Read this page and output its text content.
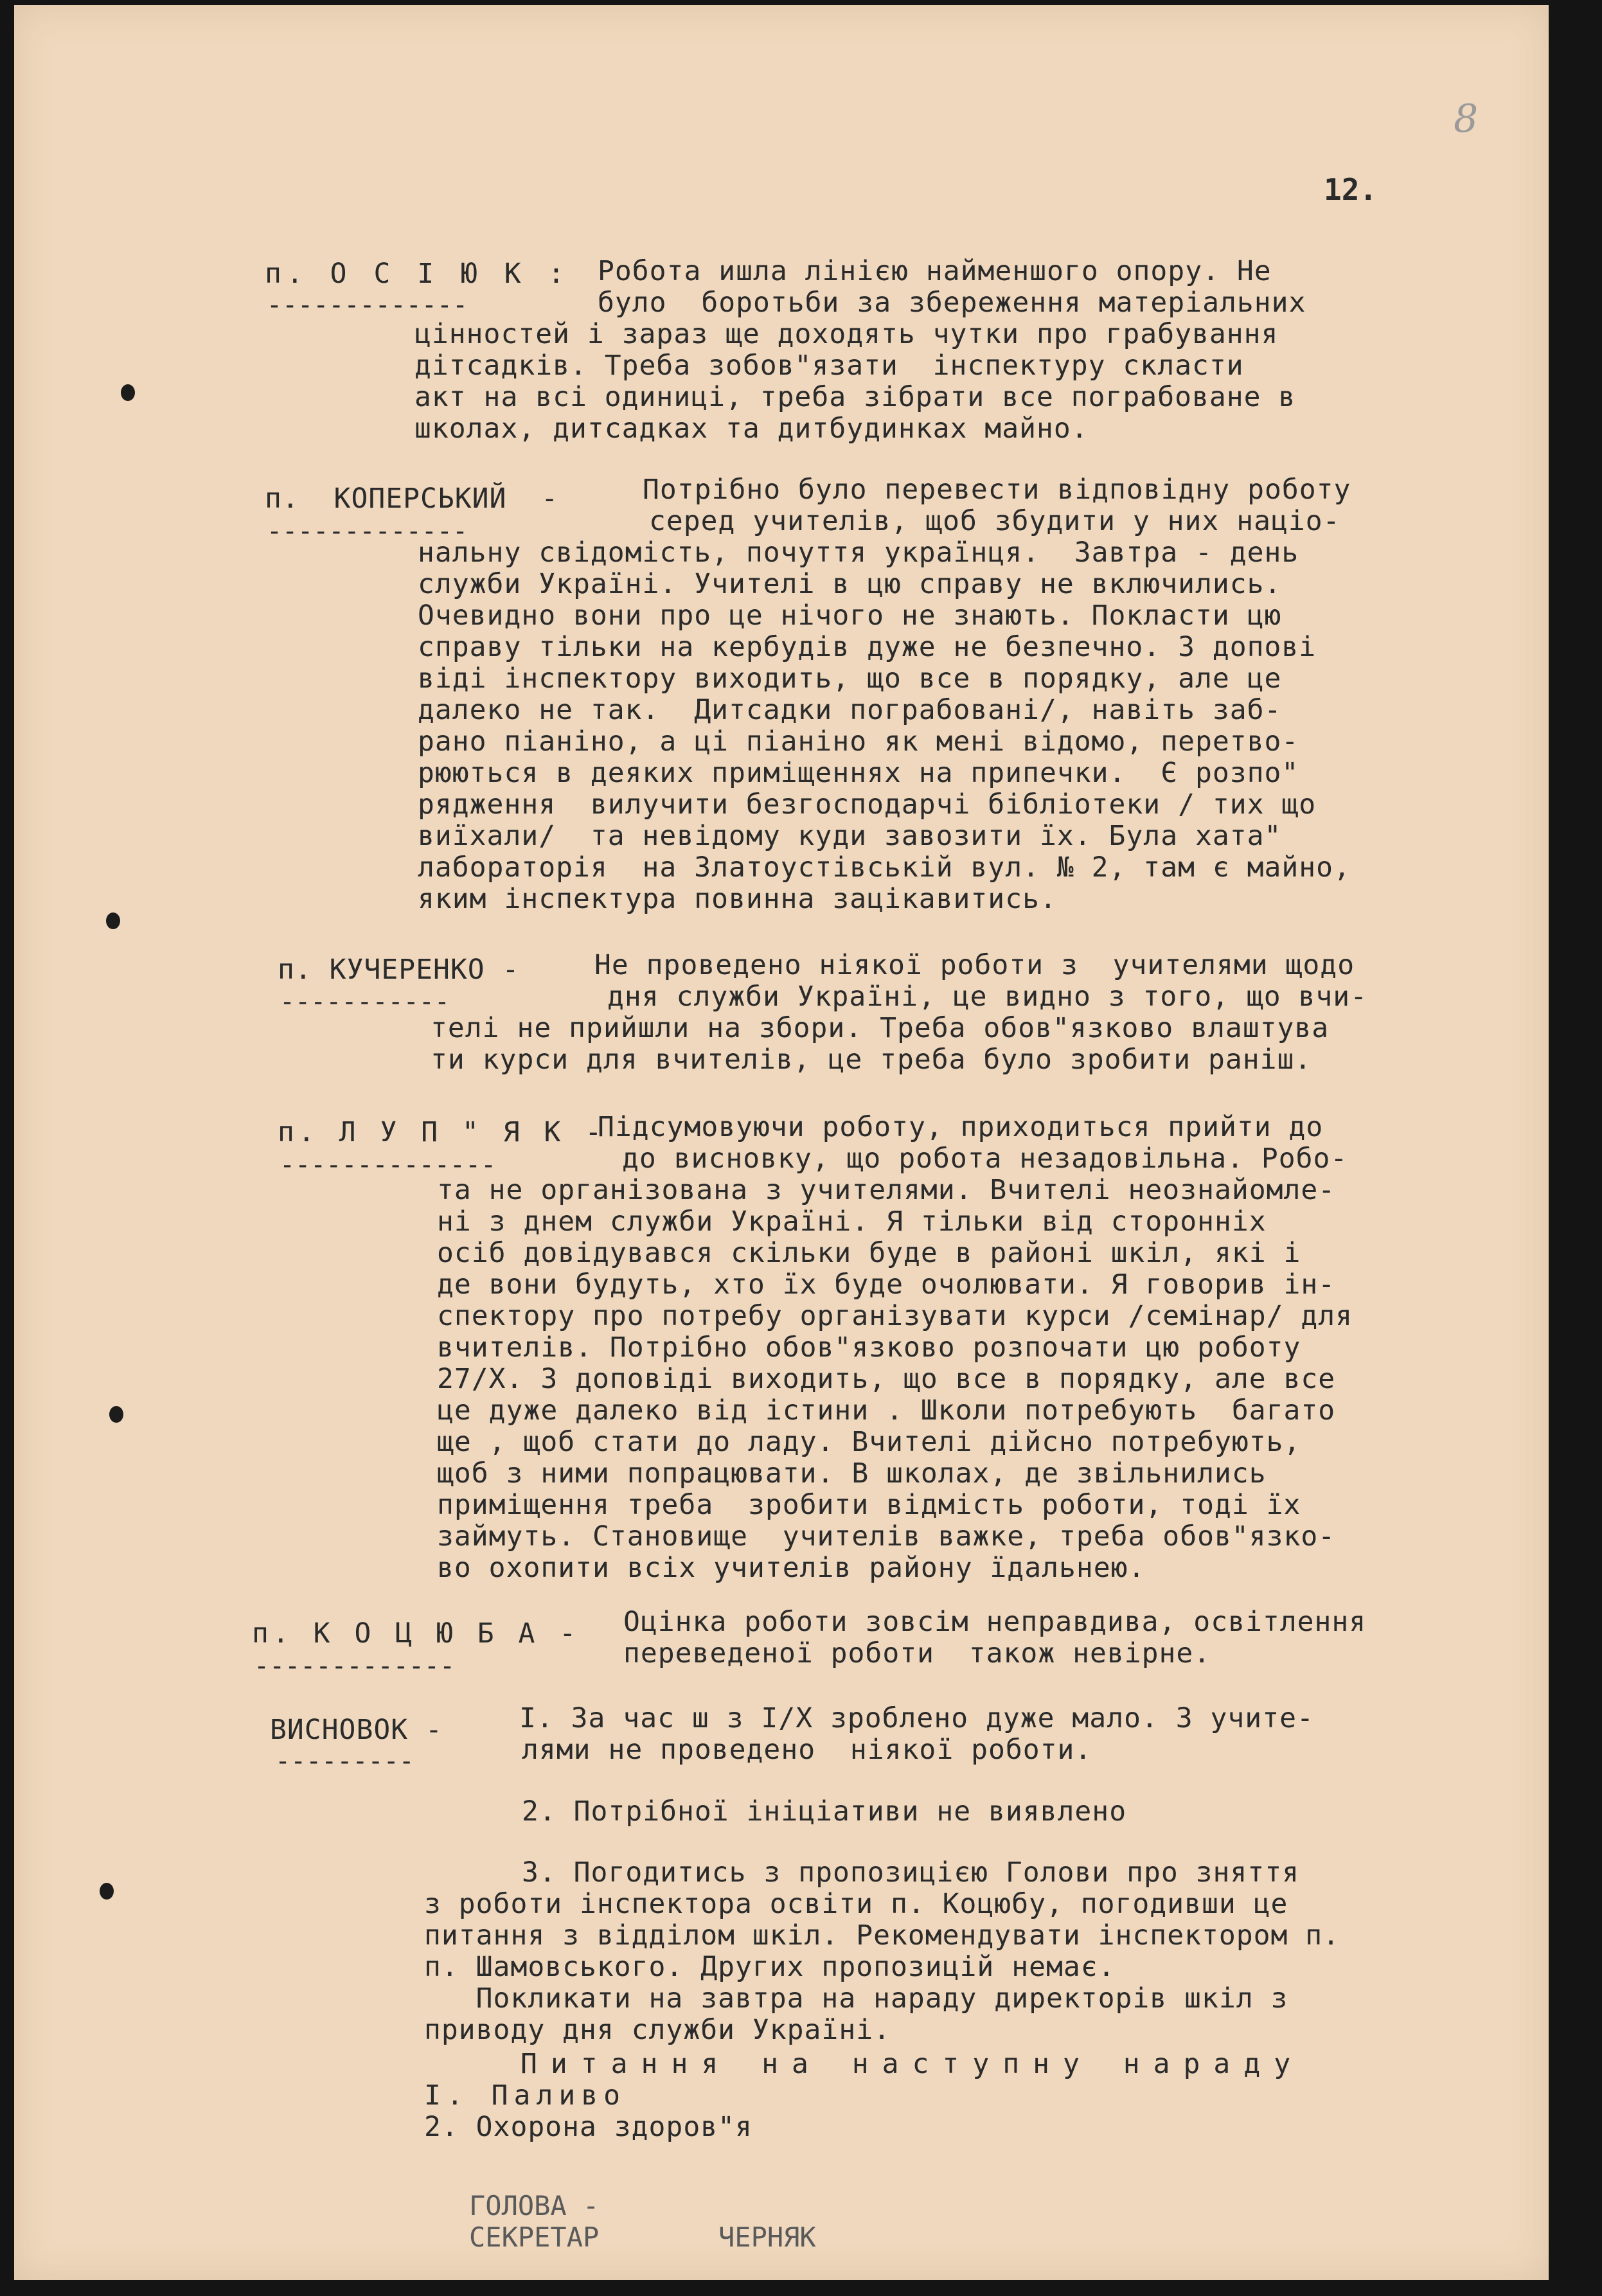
8
12.
п. О С І Ю К :
-------------
Робота ишла лінією найменшого опору. Не
було  боротьби за збереження матеріальних
цінностей і зараз ще доходять чутки про грабування
дітсадків. Треба зобов"язати  інспектуру скласти
акт на всі одиниці, треба зібрати все пограбоване в
школах, дитсадках та дитбудинках майно.
п.  КОПЕРСЬКИЙ  -
-------------
Потрібно було перевести відповідну роботу
серед учителів, щоб збудити у них націо-
нальну свідомість, почуття українця.  Завтра - день
служби Україні. Учителі в цю справу не включились.
Очевидно вони про це нічого не знають. Покласти цю
справу тільки на кербудів дуже не безпечно. З допові
віді інспектору виходить, що все в порядку, але це
далеко не так.  Дитсадки пограбовані/, навіть заб-
рано піаніно, а ці піаніно як мені відомо, перетво-
рюються в деяких приміщеннях на припечки.  Є розпо"
рядження  вилучити безгосподарчі бібліотеки / тих що
виїхали/  та невідому куди завозити їх. Була хата"
лабораторія  на Златоустівській вул. № 2, там є майно,
яким інспектура повинна зацікавитись.
п. КУЧЕРЕНКО -
-----------
Не проведено ніякої роботи з  учителями щодо
дня служби Україні, це видно з того, що вчи-
телі не прийшли на збори. Треба обов"язково влаштува
ти курси для вчителів, це треба було зробити раніш.
п. Л У П " Я К -
--------------
Підсумовуючи роботу, приходиться прийти до
до висновку, що робота незадовільна. Робо-
та не організована з учителями. Вчителі неознайомле-
ні з днем служби Україні. Я тільки від сторонніх
осіб довідувався скільки буде в районі шкіл, які і
де вони будуть, хто їх буде очолювати. Я говорив ін-
спектору про потребу організувати курси /семінар/ для
вчителів. Потрібно обов"язково розпочати цю роботу
27/Х. З доповіді виходить, що все в порядку, але все
це дуже далеко від істини . Школи потребують  багато
ще , щоб стати до ладу. Вчителі дійсно потребують,
щоб з ними попрацювати. В школах, де звільнились
приміщення треба  зробити відмість роботи, тоді їх
займуть. Становище  учителів важке, треба обов"язко-
во охопити всіх учителів району їдальнею.
п. К О Ц Ю Б А -
-------------
Оцінка роботи зовсім неправдива, освітлення
переведеної роботи  також невірне.
ВИСНОВОК -
---------
І. За час ш з І/Х зроблено дуже мало. З учите-
лями не проведено  ніякої роботи.
2. Потрібної ініціативи не виявлено
3. Погодитись з пропозицією Голови про зняття
з роботи інспектора освіти п. Коцюбу, погодивши це
питання з відділом шкіл. Рекомендувати інспектором п.
п. Шамовського. Других пропозицій немає.
Покликати на завтра на нараду директорів шкіл з
приводу дня служби Україні.
Питання на наступну нараду
І. Паливо
2. Охорона здоров"я
ГОЛОВА -
СЕКРЕТАР	ЧЕРНЯК
